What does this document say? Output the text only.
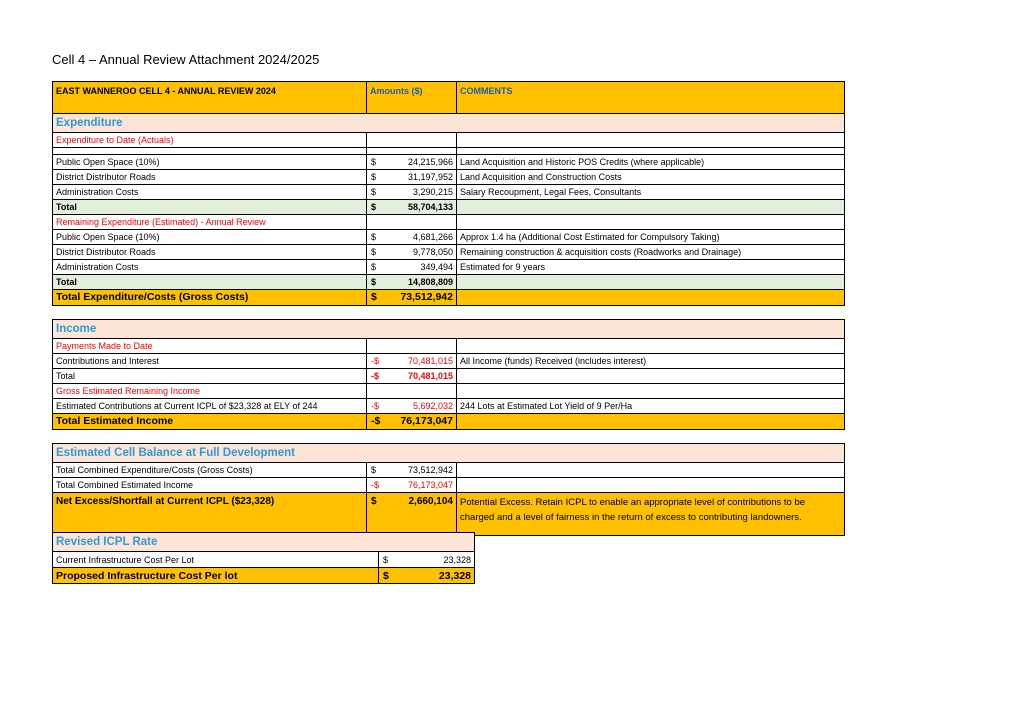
Cell 4 – Annual Review Attachment 2024/2025
EAST WANNEROO CELL 4 - ANNUAL REVIEW 2024	Amounts ($)	COMMENTS
Expenditure		
Expenditure to Date (Actuals)		

Public Open Space (10%)	$ 24,215,966	Land Acquisition and Historic POS Credits (where applicable)
District Distributor Roads	$ 31,197,952	Land Acquisition and Construction Costs
Administration Costs	$ 3,290,215	Salary Recoupment, Legal Fees, Consultants
Total	$ 58,704,133	

Remaining Expenditure (Estimated) - Annual Review		
Public Open Space (10%)	$ 4,681,266	Approx 1.4 ha (Additional Cost Estimated for Compulsory Taking)
District Distributor Roads	$ 9,778,050	Remaining construction & acquisition costs (Roadworks and Drainage)
Administration Costs	$ 349,494	Estimated for 9 years
Total	$ 14,808,809	

Total Expenditure/Costs (Gross Costs)	$ 73,512,942	

Income		
Payments Made to Date		
Contributions and Interest	-$ 70,481,015	All Income (funds) Received (includes interest)
Total	-$ 70,481,015	

Gross Estimated Remaining Income		
Estimated Contributions at Current ICPL of $23,328 at ELY of 244	-$ 5,692,032	244 Lots at Estimated Lot Yield of 9 Per/Ha
Total Estimated Income	-$ 76,173,047	

Estimated Cell Balance at Full Development		
Total Combined Expenditure/Costs (Gross Costs)	$ 73,512,942	

Total Combined Estimated Income	-$ 76,173,047	

Net Excess/Shortfall at Current ICPL ($23,328)	$ 2,660,104	Potential Excess. Retain ICPL to enable an appropriate level of contributions to be charged and a level of fairness in the return of excess to contributing landowners.
Revised ICPL Rate	
Current Infrastructure Cost Per Lot	$ 23,328

Proposed Infrastructure Cost Per lot	$ 23,328
